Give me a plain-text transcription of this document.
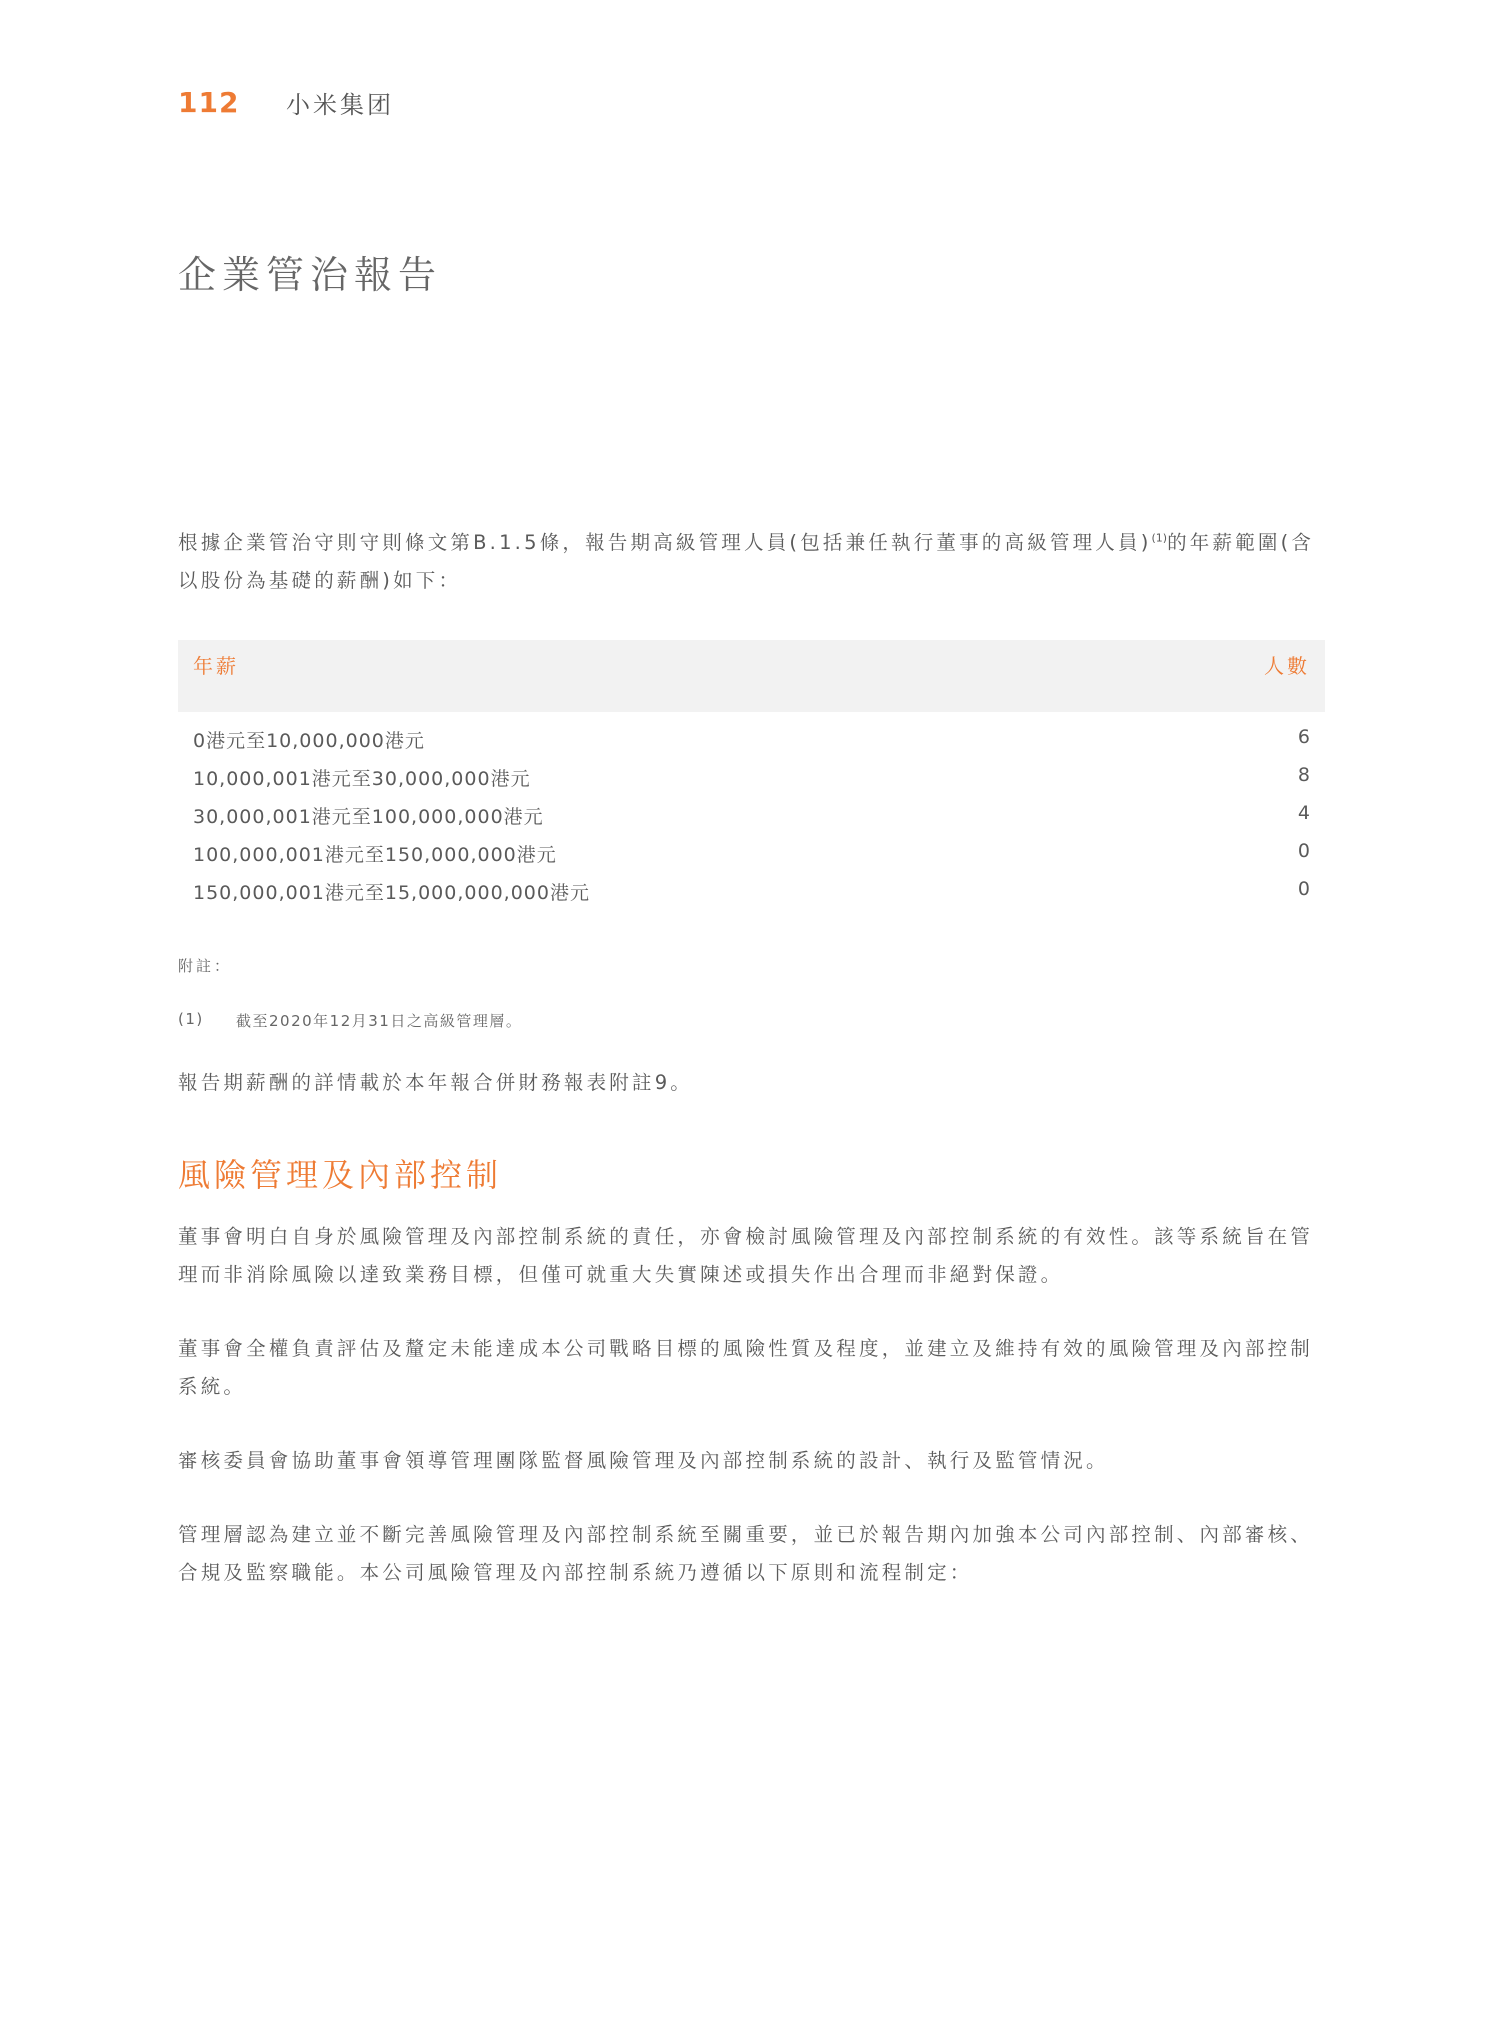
112	小米集团
企業管治報告

根據企業管治守則守則條文第B.1.5條，報告期高級管理人員(包括兼任執行董事的高級管理人員)$^{(1)}$的年薪範圍(含以股份為基礎的薪酬)如下：

年薪	人數
0港元至10,000,000港元	6
10,000,001港元至30,000,000港元	8
30,000,001港元至100,000,000港元	4
100,000,001港元至150,000,000港元	0
150,000,001港元至15,000,000,000港元	0
附註：
(1)	截至2020年12月31日之高級管理層。

報告期薪酬的詳情載於本年報合併財務報表附註9。

風險管理及內部控制

董事會明白自身於風險管理及內部控制系統的責任，亦會檢討風險管理及內部控制系統的有效性。該等系統旨在管理而非消除風險以達致業務目標，但僅可就重大失實陳述或損失作出合理而非絕對保證。

董事會全權負責評估及釐定未能達成本公司戰略目標的風險性質及程度，並建立及維持有效的風險管理及內部控制系統。

審核委員會協助董事會領導管理團隊監督風險管理及內部控制系統的設計、執行及監管情況。

管理層認為建立並不斷完善風險管理及內部控制系統至關重要，並已於報告期內加強本公司內部控制、內部審核、合規及監察職能。本公司風險管理及內部控制系統乃遵循以下原則和流程制定：
